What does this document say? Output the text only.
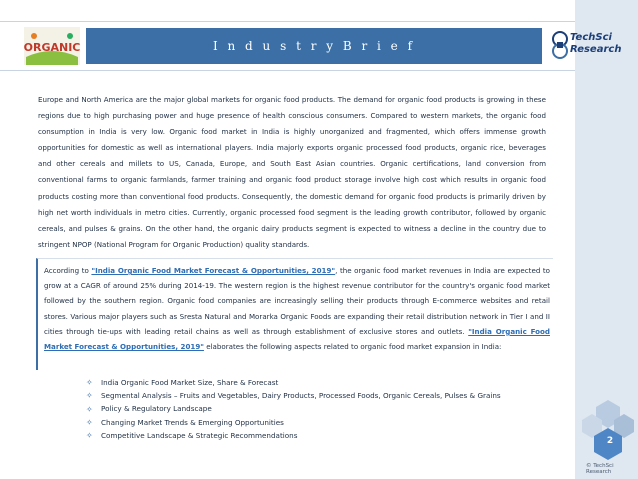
ORGANIC	I n d u s t r y B r i e f
TechSci
Research
Europe and North America are the major global markets for organic food products. The demand for organic food products is growing in these regions due to high purchasing power and huge presence of health conscious consumers. Compared to western markets, the organic food consumption in India is very low. Organic food market in India is highly unorganized and fragmented, which offers immense growth opportunities for domestic as well as international players. India majorly exports organic processed food products, organic rice, beverages and other cereals and millets to US, Canada, Europe, and South East Asian countries. Organic certifications, land conversion from conventional farms to organic farmlands, farmer training and organic food product storage involve high cost which results in organic food products costing more than conventional food products. Consequently, the domestic demand for organic food products is primarily driven by high net worth individuals in metro cities. Currently, organic processed food segment is the leading growth contributor, followed by organic cereals, and pulses & grains. On the other hand, the organic dairy products segment is expected to witness a decline in the country due to stringent NPOP (National Program for Organic Production) quality standards.
According to "India Organic Food Market Forecast & Opportunities, 2019", the organic food market revenues in India are expected to grow at a CAGR of around 25% during 2014-19. The western region is the highest revenue contributor for the country's organic food market followed by the southern region. Organic food companies are increasingly selling their products through E-commerce websites and retail stores. Various major players such as Sresta Natural and Morarka Organic Foods are expanding their retail distribution network in Tier I and II cities through tie-ups with leading retail chains as well as through establishment of exclusive stores and outlets. "India Organic Food Market Forecast & Opportunities, 2019" elaborates the following aspects related to organic food market expansion in India:
✧	India Organic Food Market Size, Share & Forecast
✧	Segmental Analysis – Fruits and Vegetables, Dairy Products, Processed Foods, Organic Cereals, Pulses & Grains
✧	Policy & Regulatory Landscape
✧	Changing Market Trends & Emerging Opportunities
✧	Competitive Landscape & Strategic Recommendations
2
© TechSci Research
